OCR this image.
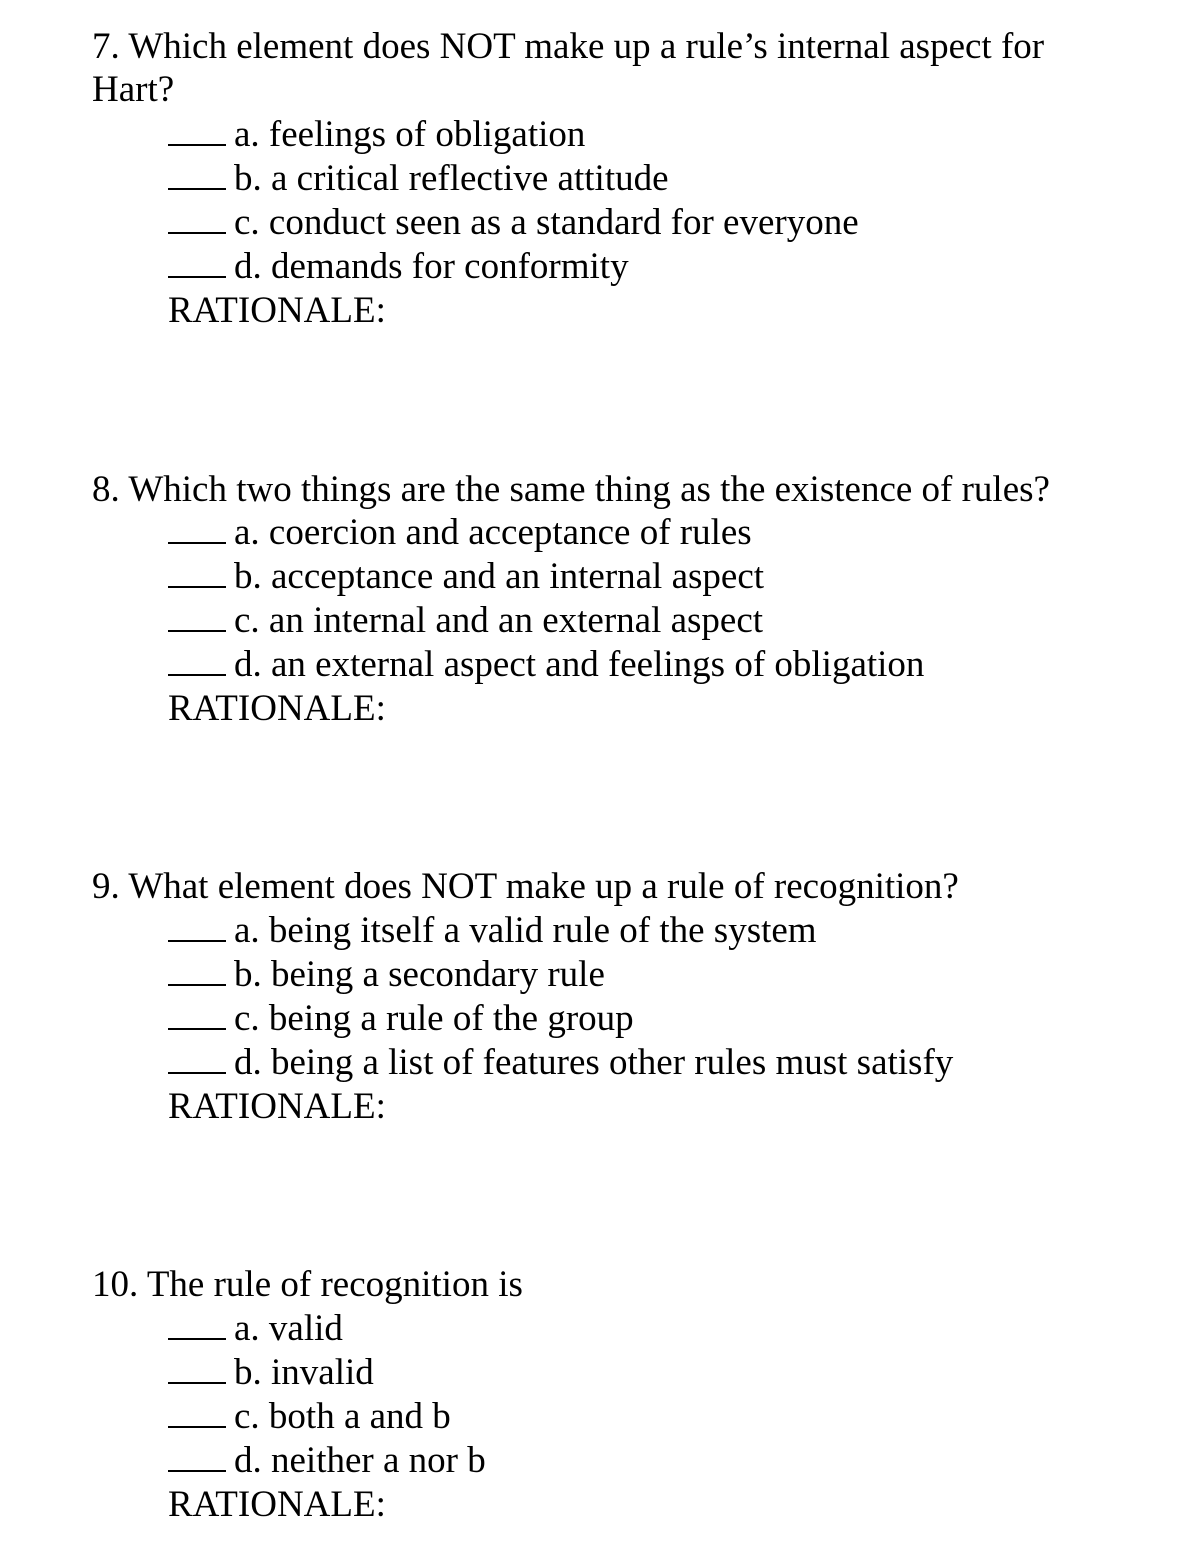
7. Which element does NOT make up a rule’s internal aspect for Hart?

a. feelings of obligation
b. a critical reflective attitude
c. conduct seen as a standard for everyone
d. demands for conformity
RATIONALE:

8. Which two things are the same thing as the existence of rules?

a. coercion and acceptance of rules
b. acceptance and an internal aspect
c. an internal and an external aspect
d. an external aspect and feelings of obligation
RATIONALE:

9. What element does NOT make up a rule of recognition?

a. being itself a valid rule of the system
b. being a secondary rule
c. being a rule of the group
d. being a list of features other rules must satisfy
RATIONALE:

10. The rule of recognition is

a. valid
b. invalid
c. both a and b
d. neither a nor b
RATIONALE:
